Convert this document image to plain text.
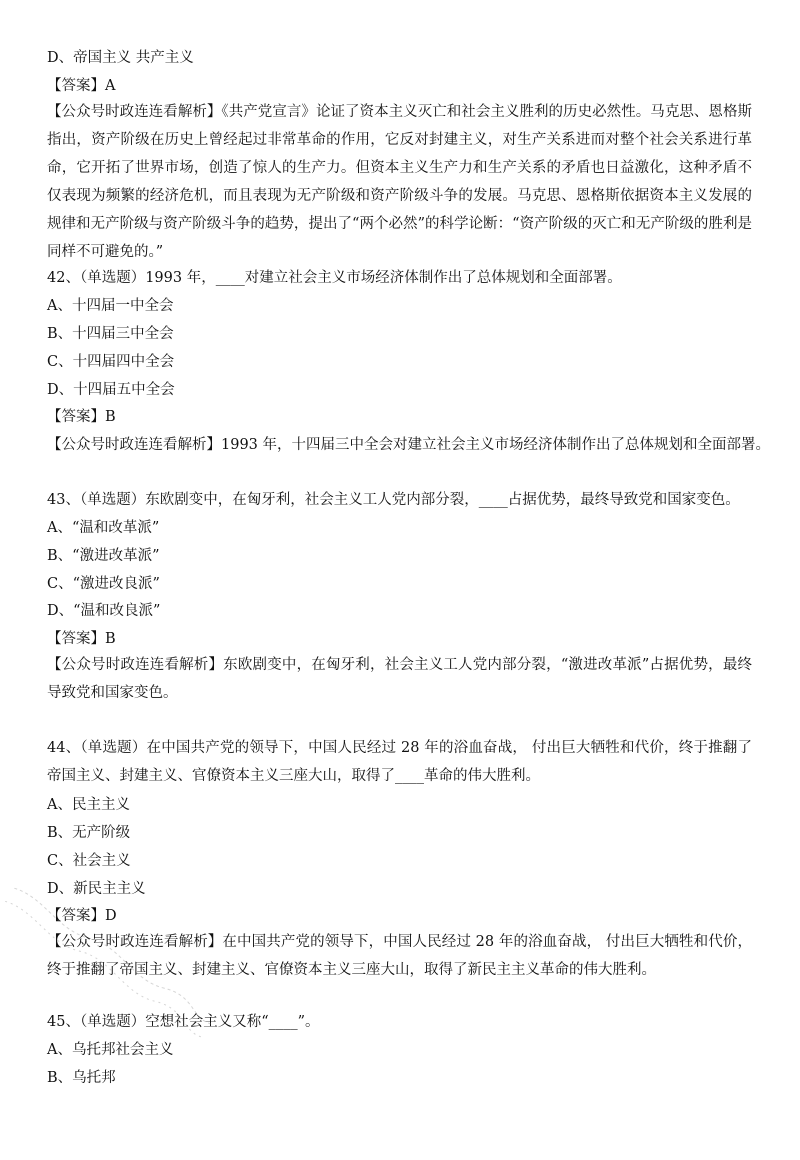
D、帝国主义 共产主义
【答案】A
【公众号时政连连看解析】《共产党宣言》论证了资本主义灭亡和社会主义胜利的历史必然性。马克思、恩格斯指出，资产阶级在历史上曾经起过非常革命的作用，它反对封建主义，对生产关系进而对整个社会关系进行革命，它开拓了世界市场，创造了惊人的生产力。但资本主义生产力和生产关系的矛盾也日益激化，这种矛盾不仅表现为频繁的经济危机，而且表现为无产阶级和资产阶级斗争的发展。马克思、恩格斯依据资本主义发展的规律和无产阶级与资产阶级斗争的趋势，提出了“两个必然”的科学论断：“资产阶级的灭亡和无产阶级的胜利是同样不可避免的。”
42、（单选题）1993 年，____对建立社会主义市场经济体制作出了总体规划和全面部署。
A、十四届一中全会
B、十四届三中全会
C、十四届四中全会
D、十四届五中全会
【答案】B
【公众号时政连连看解析】1993 年，十四届三中全会对建立社会主义市场经济体制作出了总体规划和全面部署。
43、（单选题）东欧剧变中，在匈牙利，社会主义工人党内部分裂，____占据优势，最终导致党和国家变色。
A、“温和改革派”
B、“激进改革派”
C、“激进改良派”
D、“温和改良派”
【答案】B
【公众号时政连连看解析】东欧剧变中，在匈牙利，社会主义工人党内部分裂，“激进改革派”占据优势，最终导致党和国家变色。
44、（单选题）在中国共产党的领导下，中国人民经过 28 年的浴血奋战， 付出巨大牺牲和代价，终于推翻了帝国主义、封建主义、官僚资本主义三座大山，取得了____革命的伟大胜利。
A、民主主义
B、无产阶级
C、社会主义
D、新民主主义
【答案】D
【公众号时政连连看解析】在中国共产党的领导下，中国人民经过 28 年的浴血奋战， 付出巨大牺牲和代价，终于推翻了帝国主义、封建主义、官僚资本主义三座大山，取得了新民主主义革命的伟大胜利。
45、（单选题）空想社会主义又称“____”。
A、乌托邦社会主义
B、乌托邦
